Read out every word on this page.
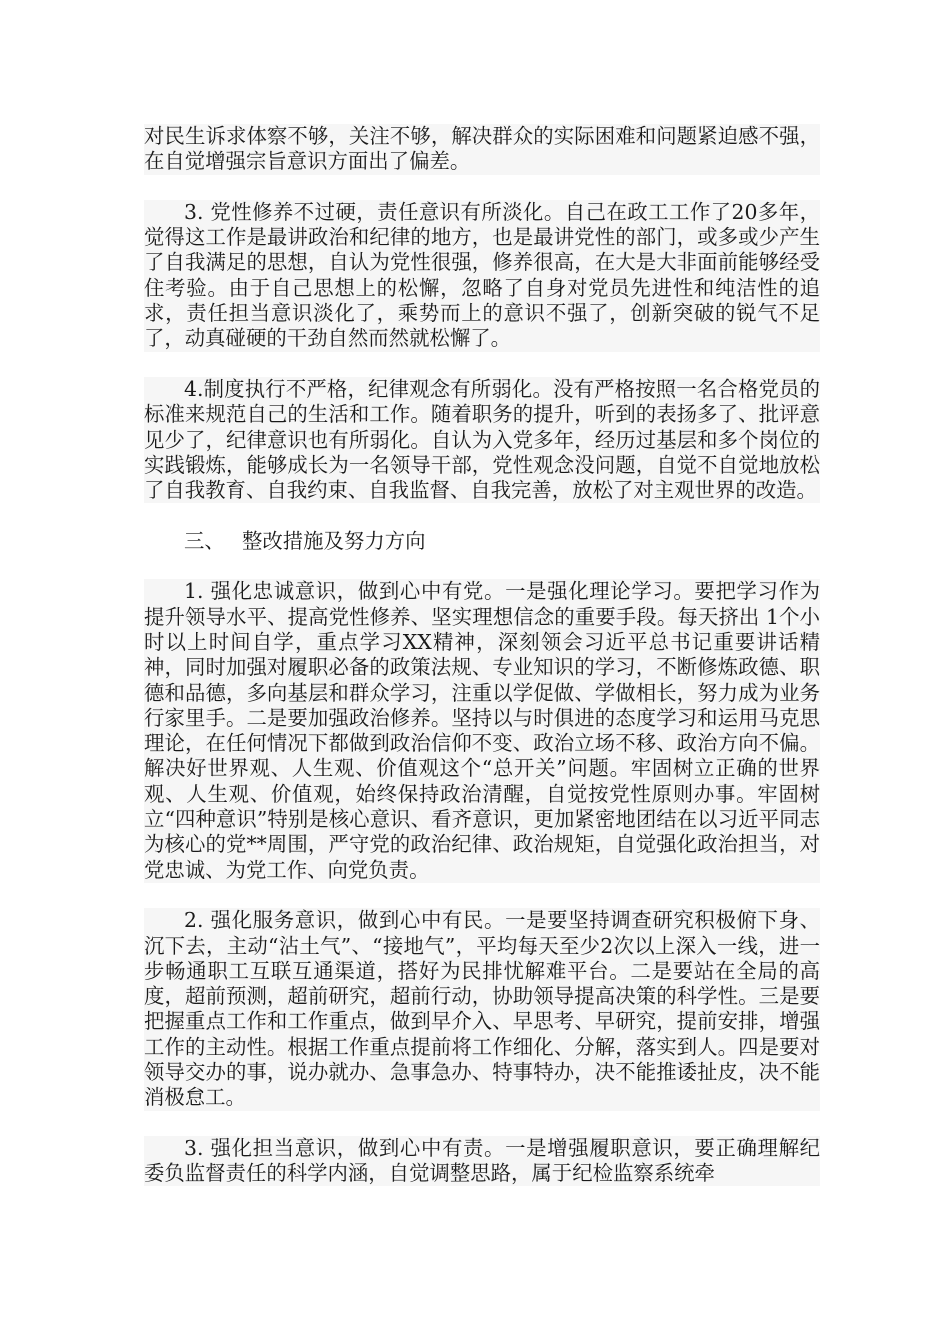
对民生诉求体察不够，关注不够，解决群众的实际困难和问题紧迫感不强，在自觉增强宗旨意识方面出了偏差。

3. 党性修养不过硬，责任意识有所淡化。自己在政工工作了20多年，觉得这工作是最讲政治和纪律的地方，也是最讲党性的部门，或多或少产生了自我满足的思想，自认为党性很强，修养很高，在大是大非面前能够经受住考验。由于自己思想上的松懈，忽略了自身对党员先进性和纯洁性的追求，责任担当意识淡化了，乘势而上的意识不强了，创新突破的锐气不足了，动真碰硬的干劲自然而然就松懈了。

4.制度执行不严格，纪律观念有所弱化。没有严格按照一名合格党员的标准来规范自己的生活和工作。随着职务的提升，听到的表扬多了、批评意见少了，纪律意识也有所弱化。自认为入党多年，经历过基层和多个岗位的实践锻炼，能够成长为一名领导干部，党性观念没问题，自觉不自觉地放松了自我教育、自我约束、自我监督、自我完善，放松了对主观世界的改造。

三、 整改措施及努力方向

1. 强化忠诚意识，做到心中有党。一是强化理论学习。要把学习作为提升领导水平、提高党性修养、坚实理想信念的重要手段。每天挤出 1个小时以上时间自学，重点学习XX精神，深刻领会习近平总书记重要讲话精神，同时加强对履职必备的政策法规、专业知识的学习，不断修炼政德、职德和品德，多向基层和群众学习，注重以学促做、学做相长，努力成为业务行家里手。二是要加强政治修养。坚持以与时俱进的态度学习和运用马克思理论，在任何情况下都做到政治信仰不变、政治立场不移、政治方向不偏。解决好世界观、人生观、价值观这个“总开关”问题。牢固树立正确的世界观、人生观、价值观，始终保持政治清醒，自觉按党性原则办事。牢固树立“四种意识”特别是核心意识、看齐意识，更加紧密地团结在以习近平同志为核心的党**周围，严守党的政治纪律、政治规矩，自觉强化政治担当，对党忠诚、为党工作、向党负责。

2. 强化服务意识，做到心中有民。一是要坚持调查研究积极俯下身、沉下去，主动“沾土气”、“接地气”，平均每天至少2次以上深入一线，进一步畅通职工互联互通渠道，搭好为民排忧解难平台。二是要站在全局的高度，超前预测，超前研究，超前行动，协助领导提高决策的科学性。三是要把握重点工作和工作重点，做到早介入、早思考、早研究，提前安排，增强工作的主动性。根据工作重点提前将工作细化、分解，落实到人。四是要对领导交办的事，说办就办、急事急办、特事特办，决不能推诿扯皮，决不能消极怠工。

3. 强化担当意识，做到心中有责。一是增强履职意识，要正确理解纪委负监督责任的科学内涵，自觉调整思路，属于纪检监察系统牵
